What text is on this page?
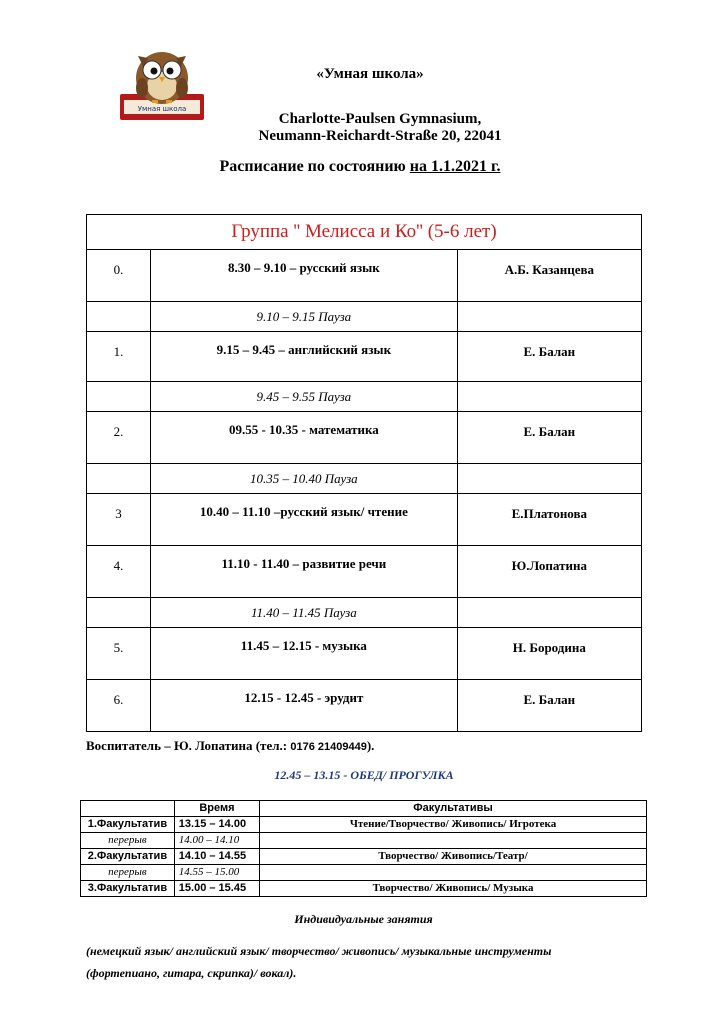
Умная школа
«Умная школа»
Charlotte-Paulsen Gymnasium,
Neumann-Reichardt-Straße 20, 22041
Расписание по состоянию на 1.1.2021 г.
Группа '' Мелисса и Ко'' (5-6 лет)		
0.	8.30 – 9.10 – русский язык	А.Б. Казанцева
	9.10 – 9.15 Пауза	
1.	9.15 – 9.45 – английский язык	Е. Балан
	9.45 – 9.55 Пауза	
2.	09.55 - 10.35 - математика	Е. Балан
	10.35 – 10.40 Пауза	
3	10.40 – 11.10 –русский язык/ чтение	Е.Платонова
4.	11.10 - 11.40 – развитие речи	Ю.Лопатина
	11.40 – 11.45 Пауза	
5.	11.45 – 12.15 - музыка	Н. Бородина
6.	12.15 - 12.45 - эрудит	Е. Балан
Воспитатель – Ю. Лопатина (тел.: 0176 21409449).
12.45 – 13.15 - ОБЕД/ ПРОГУЛКА
	Время	Факультативы
1.Факультатив	13.15 – 14.00	Чтение/Творчество/ Живопись/ Игротека
перерыв	14.00 – 14.10	
2.Факультатив	14.10 – 14.55	Творчество/ Живопись/Театр/
перерыв	14.55 – 15.00	
3.Факультатив	15.00 – 15.45	Творчество/ Живопись/ Музыка
Индивидуальные занятия
(немецкий язык/ английский язык/ творчество/ живопись/ музыкальные инструменты
(фортепиано, гитара, скрипка)/ вокал).
